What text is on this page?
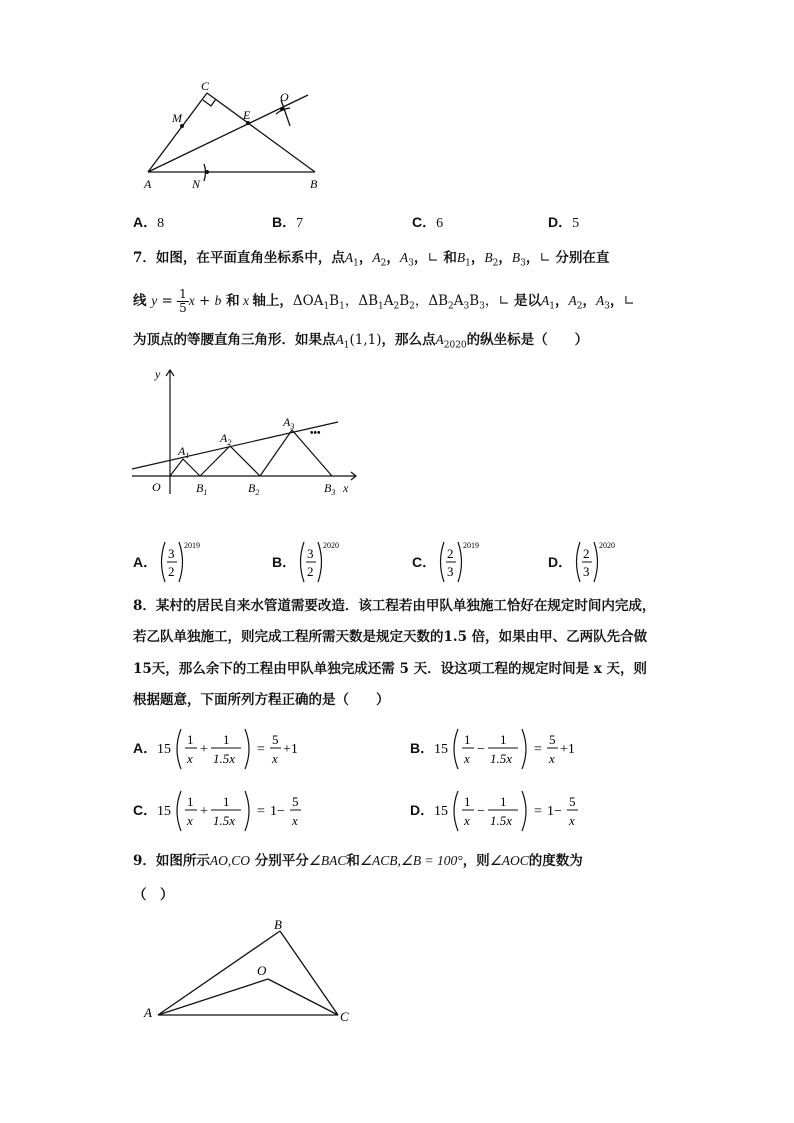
C
M	E
O
A	N	B
A．8	B．7	C．6	D．5
7．如图，在平面直角坐标系中，点$A_1$，$A_2$，$A_3$，∟ 和$B_1$，$B_2$，$B_3$，∟ 分别在直
线 $y = \frac{1}{5}$ x + b 和 x 轴上，$\Delta OA_1B_1$，$\Delta B_1A_2B_2$，$\Delta B_2A_3B_3$，∟ 是以$A_1$，$A_2$，$A_3$，∟
为顶点的等腰直角三角形．如果点$A_1(1,1)$，那么点$A_{2020}$的纵坐标是（　　）
y
x
O
$A_1$
$A_2$
$A_3$
•••
$B_1$	$B_2$	$B_3$
A．
3
2
2019
B．
3
2
2020
C．
2
3
2019
D．
2
3
2020
8．某村的居民自来水管道需要改造．该工程若由甲队单独施工恰好在规定时间内完成，
若乙队单独施工，则完成工程所需天数是规定天数的1.5 倍，如果由甲、乙两队先合做
15天，那么余下的工程由甲队单独完成还需 5 天．设这项工程的规定时间是 x 天，则
根据题意，下面所列方程正确的是（　　）
A． 15
1
x
+
1
1.5x
=
5
x
+1	B． 15
1
x
−
1
1.5x
=
5
x
+1
C． 15
1
x
+
1
1.5x
= 1−
5
x
D． 15
1
x
−
1
1.5x
= 1−
5
x
9．如图所示AO,CO 分别平分∠BAC和∠ACB,∠B = 100°，则∠AOC的度数为
（　）
A
B
O
C
